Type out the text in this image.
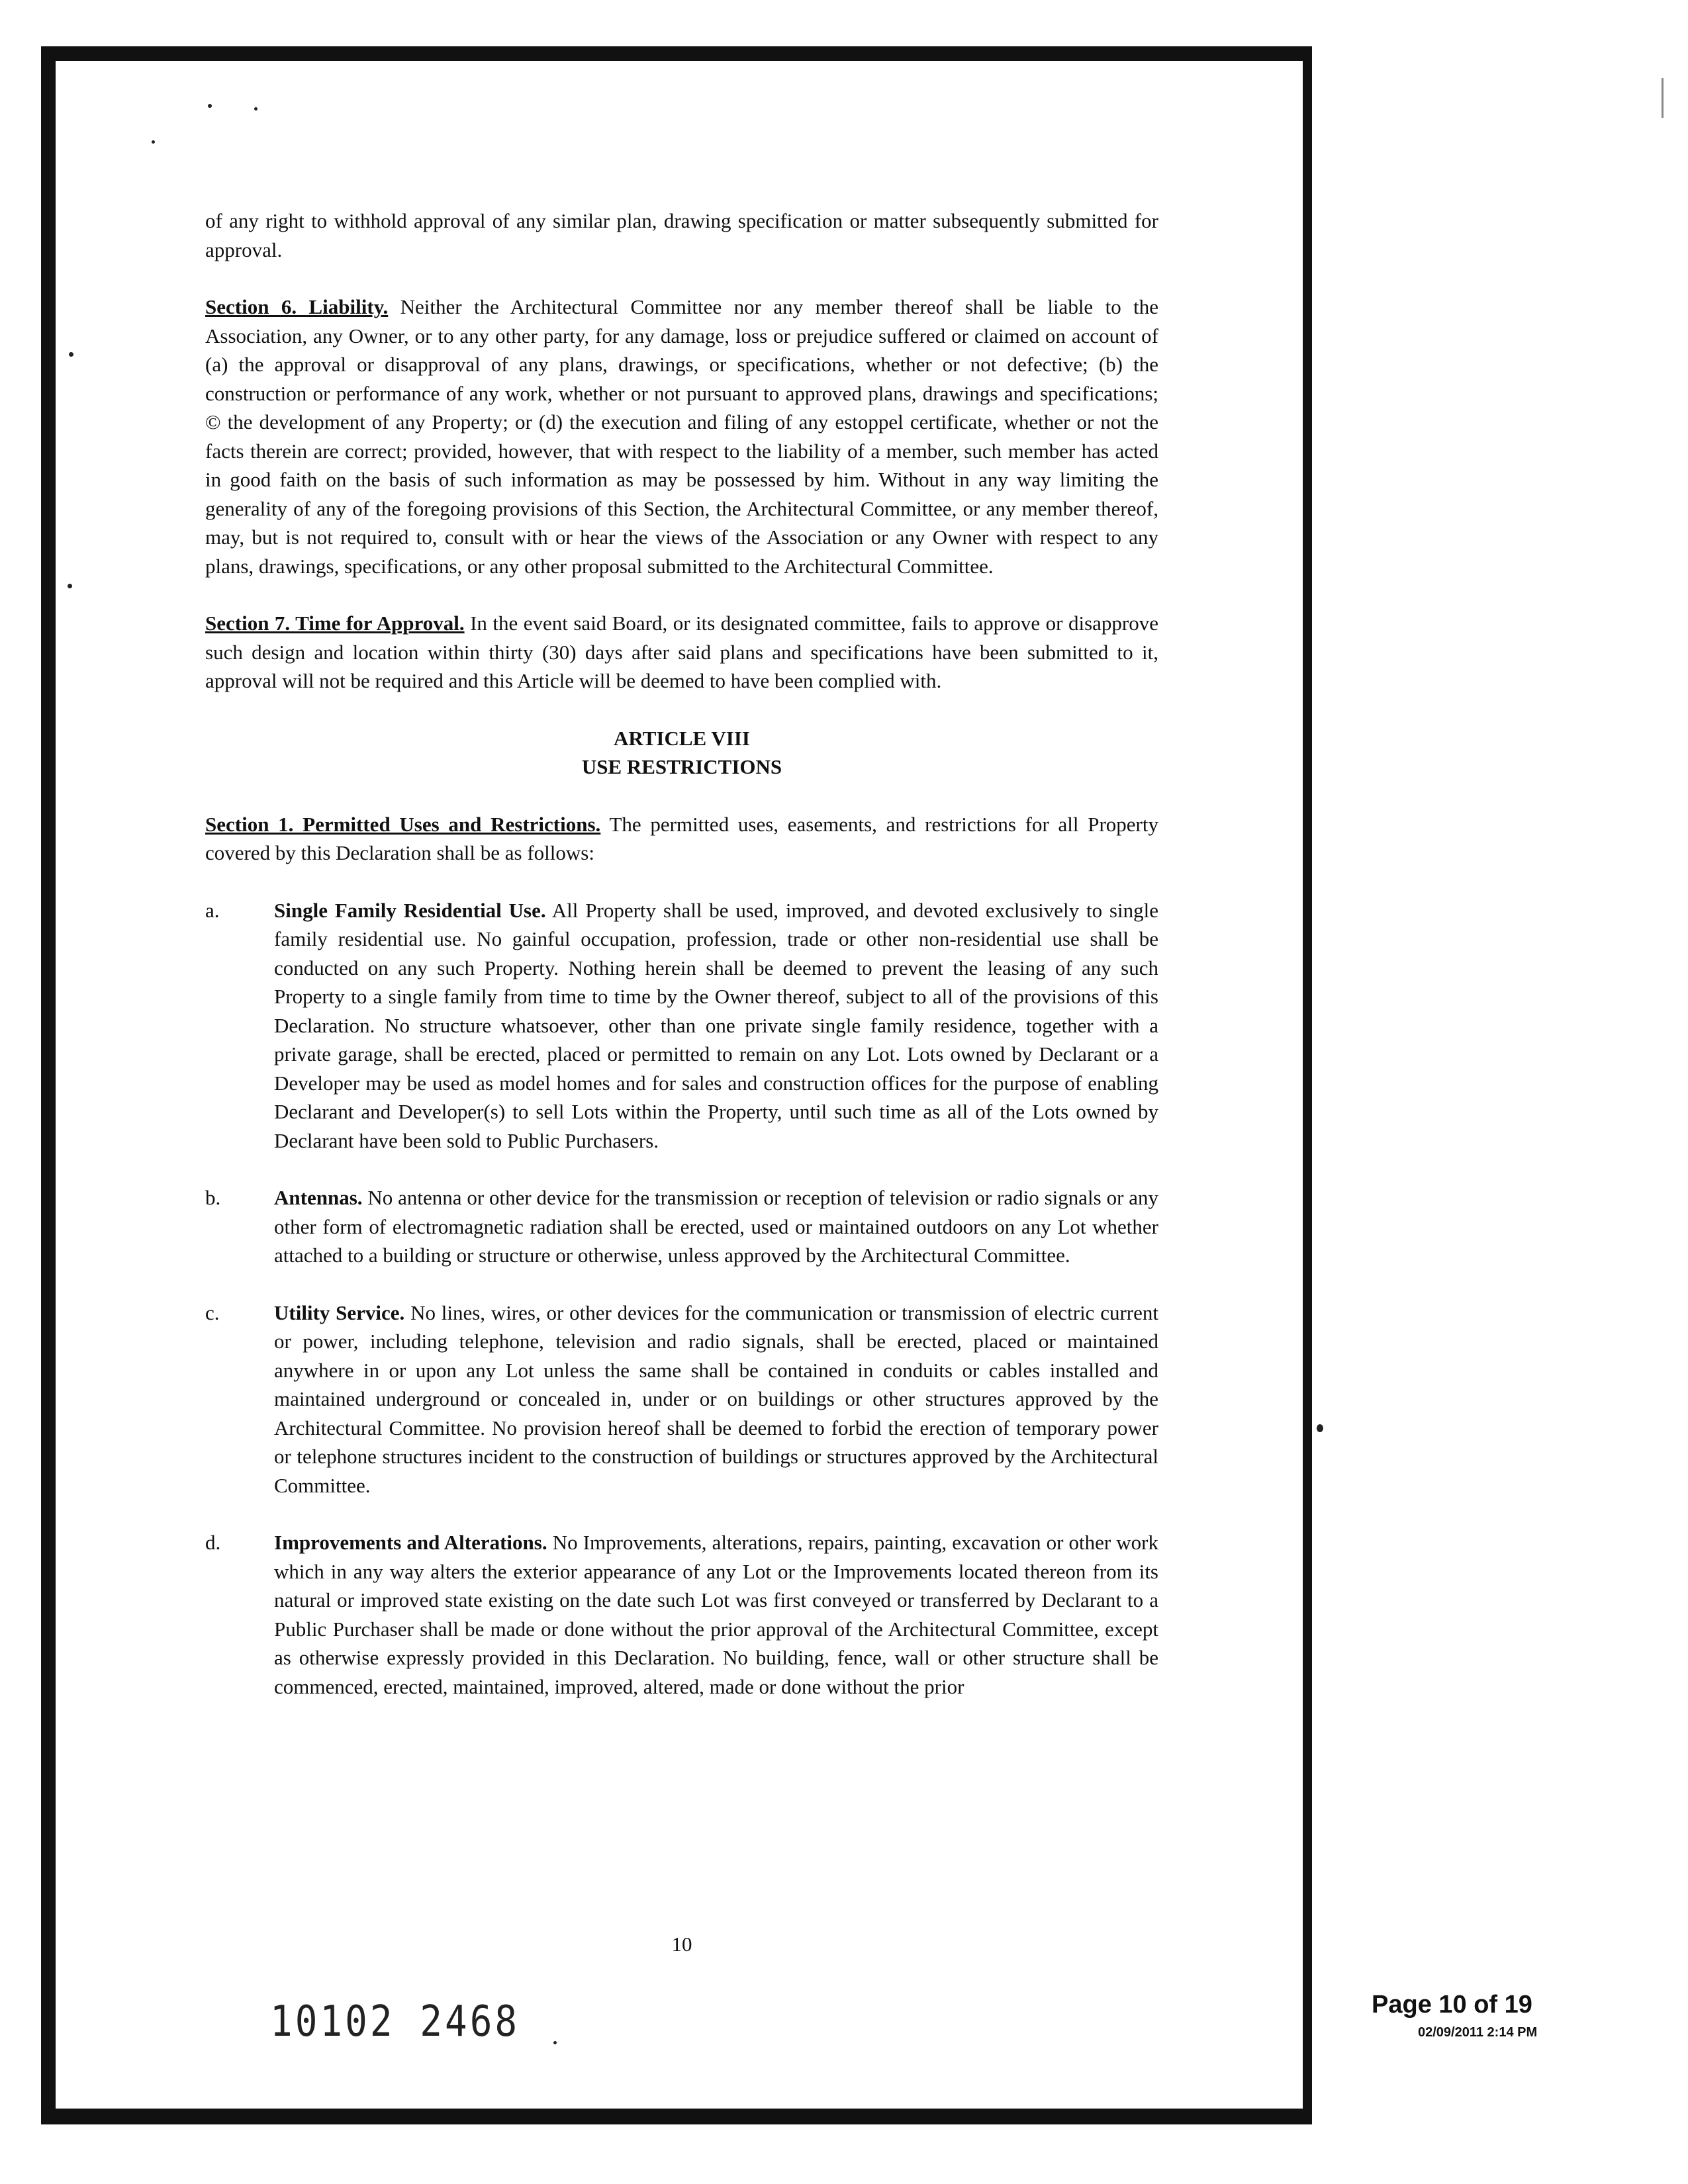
of any right to withhold approval of any similar plan, drawing specification or matter subsequently submitted for approval.

Section 6. Liability. Neither the Architectural Committee nor any member thereof shall be liable to the Association, any Owner, or to any other party, for any damage, loss or prejudice suffered or claimed on account of (a) the approval or disapproval of any plans, drawings, or specifications, whether or not defective; (b) the construction or performance of any work, whether or not pursuant to approved plans, drawings and specifications; © the development of any Property; or (d) the execution and filing of any estoppel certificate, whether or not the facts therein are correct; provided, however, that with respect to the liability of a member, such member has acted in good faith on the basis of such information as may be possessed by him. Without in any way limiting the generality of any of the foregoing provisions of this Section, the Architectural Committee, or any member thereof, may, but is not required to, consult with or hear the views of the Association or any Owner with respect to any plans, drawings, specifications, or any other proposal submitted to the Architectural Committee.

Section 7. Time for Approval. In the event said Board, or its designated committee, fails to approve or disapprove such design and location within thirty (30) days after said plans and specifications have been submitted to it, approval will not be required and this Article will be deemed to have been complied with.

ARTICLE VIII
USE RESTRICTIONS

Section 1. Permitted Uses and Restrictions. The permitted uses, easements, and restrictions for all Property covered by this Declaration shall be as follows:

a.	Single Family Residential Use. All Property shall be used, improved, and devoted exclusively to single family residential use. No gainful occupation, profession, trade or other non-residential use shall be conducted on any such Property. Nothing herein shall be deemed to prevent the leasing of any such Property to a single family from time to time by the Owner thereof, subject to all of the provisions of this Declaration. No structure whatsoever, other than one private single family residence, together with a private garage, shall be erected, placed or permitted to remain on any Lot. Lots owned by Declarant or a Developer may be used as model homes and for sales and construction offices for the purpose of enabling Declarant and Developer(s) to sell Lots within the Property, until such time as all of the Lots owned by Declarant have been sold to Public Purchasers.
b.	Antennas. No antenna or other device for the transmission or reception of television or radio signals or any other form of electromagnetic radiation shall be erected, used or maintained outdoors on any Lot whether attached to a building or structure or otherwise, unless approved by the Architectural Committee.
c.	Utility Service. No lines, wires, or other devices for the communication or transmission of electric current or power, including telephone, television and radio signals, shall be erected, placed or maintained anywhere in or upon any Lot unless the same shall be contained in conduits or cables installed and maintained underground or concealed in, under or on buildings or other structures approved by the Architectural Committee. No provision hereof shall be deemed to forbid the erection of temporary power or telephone structures incident to the construction of buildings or structures approved by the Architectural Committee.
d.	Improvements and Alterations. No Improvements, alterations, repairs, painting, excavation or other work which in any way alters the exterior appearance of any Lot or the Improvements located thereon from its natural or improved state existing on the date such Lot was first conveyed or transferred by Declarant to a Public Purchaser shall be made or done without the prior approval of the Architectural Committee, except as otherwise expressly provided in this Declaration. No building, fence, wall or other structure shall be commenced, erected, maintained, improved, altered, made or done without the prior
10
10102 2468	Page 10 of 19
02/09/2011 2:14 PM
